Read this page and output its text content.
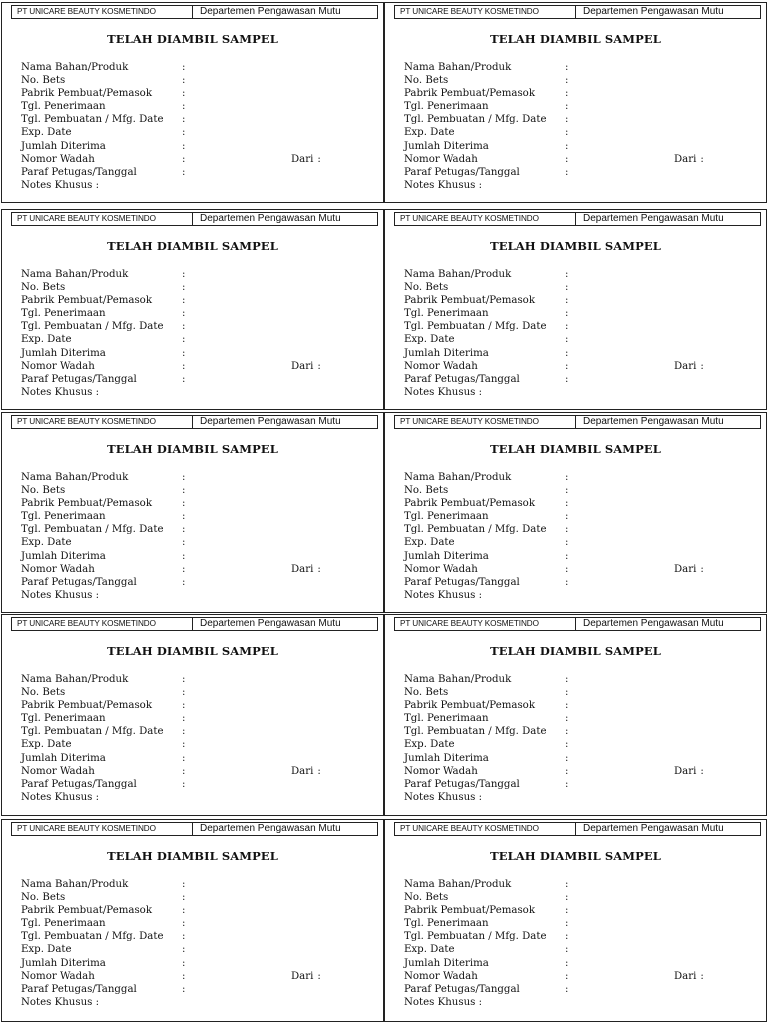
PT UNICARE BEAUTY KOSMETINDO	Departemen Pengawasan Mutu
TELAH DIAMBIL SAMPEL
Nama Bahan/Produk	:
No. Bets	:
Pabrik Pembuat/Pemasok	:
Tgl. Penerimaan	:
Tgl. Pembuatan / Mfg. Date :
Exp. Date	:
Jumlah Diterima	:
Nomor Wadah	:	Dari :
Paraf Petugas/Tanggal	:
Notes Khusus :
PT UNICARE BEAUTY KOSMETINDO	Departemen Pengawasan Mutu
TELAH DIAMBIL SAMPEL
Nama Bahan/Produk	:
No. Bets	:
Pabrik Pembuat/Pemasok	:
Tgl. Penerimaan	:
Tgl. Pembuatan / Mfg. Date :
Exp. Date	:
Jumlah Diterima	:
Nomor Wadah	:	Dari :
Paraf Petugas/Tanggal	:
Notes Khusus :
PT UNICARE BEAUTY KOSMETINDO	Departemen Pengawasan Mutu
TELAH DIAMBIL SAMPEL
Nama Bahan/Produk	:
No. Bets	:
Pabrik Pembuat/Pemasok	:
Tgl. Penerimaan	:
Tgl. Pembuatan / Mfg. Date :
Exp. Date	:
Jumlah Diterima	:
Nomor Wadah	:	Dari :
Paraf Petugas/Tanggal	:
Notes Khusus :
PT UNICARE BEAUTY KOSMETINDO	Departemen Pengawasan Mutu
TELAH DIAMBIL SAMPEL
Nama Bahan/Produk	:
No. Bets	:
Pabrik Pembuat/Pemasok	:
Tgl. Penerimaan	:
Tgl. Pembuatan / Mfg. Date :
Exp. Date	:
Jumlah Diterima	:
Nomor Wadah	:	Dari :
Paraf Petugas/Tanggal	:
Notes Khusus :
PT UNICARE BEAUTY KOSMETINDO	Departemen Pengawasan Mutu
TELAH DIAMBIL SAMPEL
Nama Bahan/Produk	:
No. Bets	:
Pabrik Pembuat/Pemasok	:
Tgl. Penerimaan	:
Tgl. Pembuatan / Mfg. Date :
Exp. Date	:
Jumlah Diterima	:
Nomor Wadah	:	Dari :
Paraf Petugas/Tanggal	:
Notes Khusus :
PT UNICARE BEAUTY KOSMETINDO	Departemen Pengawasan Mutu
TELAH DIAMBIL SAMPEL
Nama Bahan/Produk	:
No. Bets	:
Pabrik Pembuat/Pemasok	:
Tgl. Penerimaan	:
Tgl. Pembuatan / Mfg. Date :
Exp. Date	:
Jumlah Diterima	:
Nomor Wadah	:	Dari :
Paraf Petugas/Tanggal	:
Notes Khusus :
PT UNICARE BEAUTY KOSMETINDO	Departemen Pengawasan Mutu
TELAH DIAMBIL SAMPEL
Nama Bahan/Produk	:
No. Bets	:
Pabrik Pembuat/Pemasok	:
Tgl. Penerimaan	:
Tgl. Pembuatan / Mfg. Date :
Exp. Date	:
Jumlah Diterima	:
Nomor Wadah	:	Dari :
Paraf Petugas/Tanggal	:
Notes Khusus :
PT UNICARE BEAUTY KOSMETINDO	Departemen Pengawasan Mutu
TELAH DIAMBIL SAMPEL
Nama Bahan/Produk	:
No. Bets	:
Pabrik Pembuat/Pemasok	:
Tgl. Penerimaan	:
Tgl. Pembuatan / Mfg. Date :
Exp. Date	:
Jumlah Diterima	:
Nomor Wadah	:	Dari :
Paraf Petugas/Tanggal	:
Notes Khusus :
PT UNICARE BEAUTY KOSMETINDO	Departemen Pengawasan Mutu
TELAH DIAMBIL SAMPEL
Nama Bahan/Produk	:
No. Bets	:
Pabrik Pembuat/Pemasok	:
Tgl. Penerimaan	:
Tgl. Pembuatan / Mfg. Date :
Exp. Date	:
Jumlah Diterima	:
Nomor Wadah	:	Dari :
Paraf Petugas/Tanggal	:
Notes Khusus :
PT UNICARE BEAUTY KOSMETINDO	Departemen Pengawasan Mutu
TELAH DIAMBIL SAMPEL
Nama Bahan/Produk	:
No. Bets	:
Pabrik Pembuat/Pemasok	:
Tgl. Penerimaan	:
Tgl. Pembuatan / Mfg. Date :
Exp. Date	:
Jumlah Diterima	:
Nomor Wadah	:	Dari :
Paraf Petugas/Tanggal	:
Notes Khusus :
